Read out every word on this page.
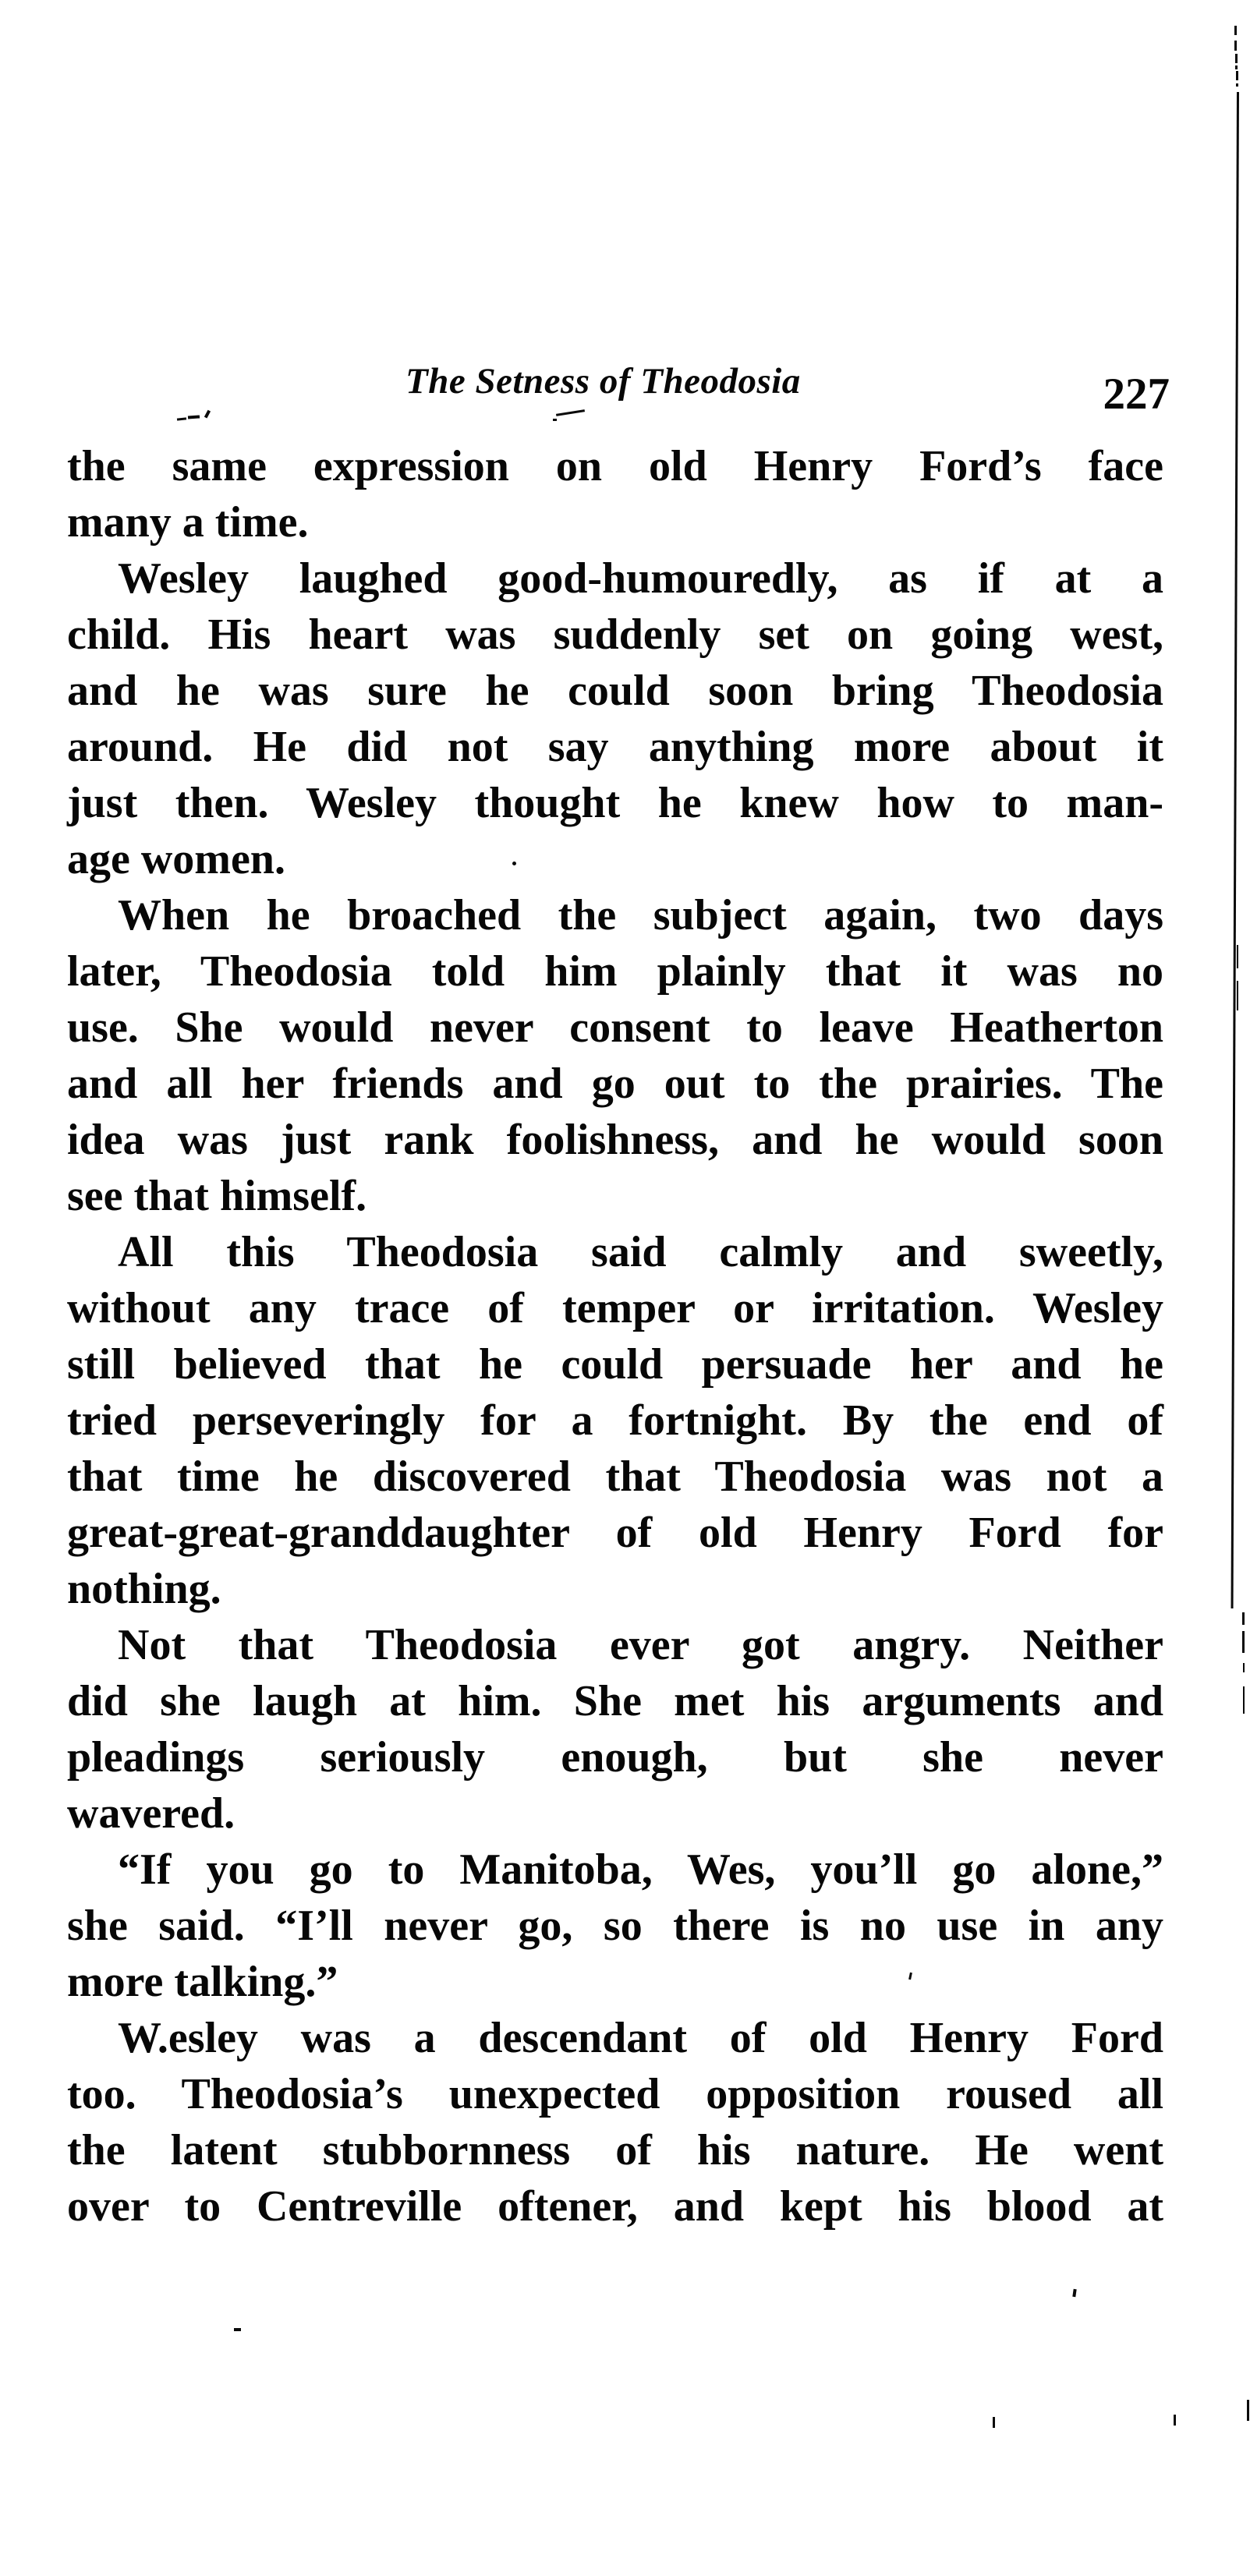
The Setness of Theodosia	227
the same expression on old Henry Ford’s face
many a time.
Wesley laughed good-humouredly, as if at a
child. His heart was suddenly set on going west,
and he was sure he could soon bring Theodosia
around. He did not say anything more about it
just then. Wesley thought he knew how to man-
age women.
When he broached the subject again, two days
later, Theodosia told him plainly that it was no
use. She would never consent to leave Heatherton
and all her friends and go out to the prairies. The
idea was just rank foolishness, and he would soon
see that himself.
All this Theodosia said calmly and sweetly,
without any trace of temper or irritation. Wesley
still believed that he could persuade her and he
tried perseveringly for a fortnight. By the end of
that time he discovered that Theodosia was not a
great-great-granddaughter of old Henry Ford for
nothing.
Not that Theodosia ever got angry. Neither
did she laugh at him. She met his arguments and
pleadings seriously enough, but she never
wavered.
“If you go to Manitoba, Wes, you’ll go alone,”
she said. “I’ll never go, so there is no use in any
more talking.”
W.esley was a descendant of old Henry Ford
too. Theodosia’s unexpected opposition roused all
the latent stubbornness of his nature. He went
over to Centreville oftener, and kept his blood at
